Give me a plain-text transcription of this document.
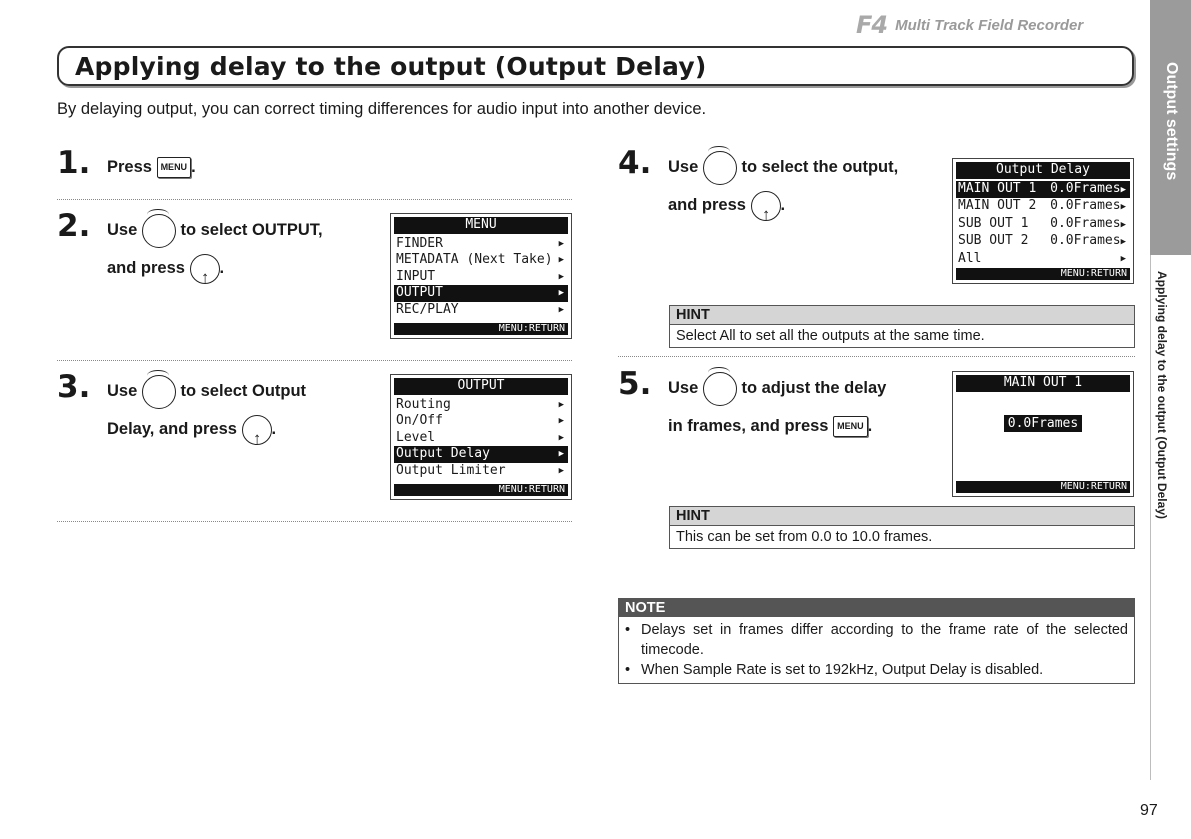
F4 Multi Track Field Recorder
Output settings
Applying delay to the output (Output Delay)
Applying delay to the output (Output Delay)

By delaying output, you can correct timing differences for audio input into another device.

1. Press MENU .
2. Use	to select OUTPUT,
and press ↓ .
MENU
FINDER	▶
METADATA (Next Take) ▶
INPUT	▶
OUTPUT	▶
REC/PLAY	▶
MENU:RETURN
3. Use	to select Output
Delay, and press ↓ .
OUTPUT
Routing	▶
On/Off	▶
Level	▶
Output Delay	▶
Output Limiter	▶
MENU:RETURN
4. Use	to select the output,
and press ↓ .
Output Delay
MAIN OUT 1 0.0Frames▶
MAIN OUT 2 0.0Frames▶
SUB OUT 1 0.0Frames▶
SUB OUT 2 0.0Frames▶
All	▶
MENU:RETURN
HINT
Select All to set all the outputs at the same time.
5. Use	to adjust the delay
in frames, and press MENU .
MAIN OUT 1
0.0Frames
MENU:RETURN
HINT
This can be set from 0.0 to 10.0 frames.
NOTE
• Delays set in frames differ according to the frame rate of the selected timecode.
• When Sample Rate is set to 192kHz, Output Delay is disabled.
97
